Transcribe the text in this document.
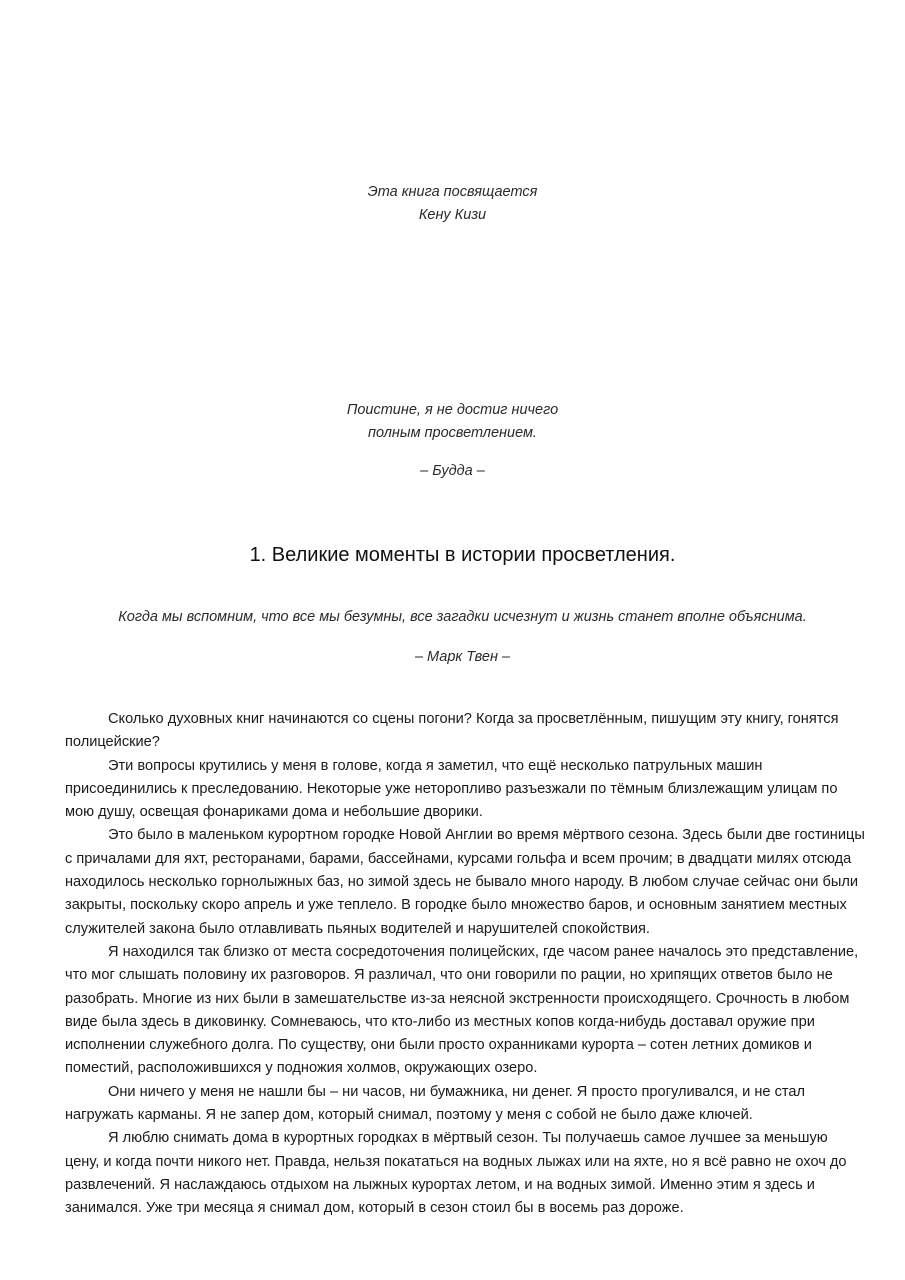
Эта книга посвящается
Кену Кизи
Поистине, я не достиг ничего
полным просветлением.
– Будда –
1. Великие моменты в истории просветления.
Когда мы вспомним, что все мы безумны, все загадки исчезнут и жизнь станет вполне объяснима.
– Марк Твен –

Сколько духовных книг начинаются со сцены погони? Когда за просветлённым, пишущим эту книгу, гонятся полицейские?

Эти вопросы крутились у меня в голове, когда я заметил, что ещё несколько патрульных машин присоединились к преследованию. Некоторые уже неторопливо разъезжали по тёмным близлежащим улицам по мою душу, освещая фонариками дома и небольшие дворики.

Это было в маленьком курортном городке Новой Англии во время мёртвого сезона. Здесь были две гостиницы с причалами для яхт, ресторанами, барами, бассейнами, курсами гольфа и всем прочим; в двадцати милях отсюда находилось несколько горнолыжных баз, но зимой здесь не бывало много народу. В любом случае сейчас они были закрыты, поскольку скоро апрель и уже теплело. В городке было множество баров, и основным занятием местных служителей закона было отлавливать пьяных водителей и нарушителей спокойствия.

Я находился так близко от места сосредоточения полицейских, где часом ранее началось это представление, что мог слышать половину их разговоров. Я различал, что они говорили по рации, но хрипящих ответов было не разобрать. Многие из них были в замешательстве из-за неясной экстренности происходящего. Срочность в любом виде была здесь в диковинку. Сомневаюсь, что кто-либо из местных копов когда-нибудь доставал оружие при исполнении служебного долга. По существу, они были просто охранниками курорта – сотен летних домиков и поместий, расположившихся у подножия холмов, окружающих озеро.

Они ничего у меня не нашли бы – ни часов, ни бумажника, ни денег. Я просто прогуливался, и не стал нагружать карманы. Я не запер дом, который снимал, поэтому у меня с собой не было даже ключей.

Я люблю снимать дома в курортных городках в мёртвый сезон. Ты получаешь самое лучшее за меньшую цену, и когда почти никого нет. Правда, нельзя покататься на водных лыжах или на яхте, но я всё равно не охоч до развлечений. Я наслаждаюсь отдыхом на лыжных курортах летом, и на водных зимой. Именно этим я здесь и занимался. Уже три месяца я снимал дом, который в сезон стоил бы в восемь раз дороже.
